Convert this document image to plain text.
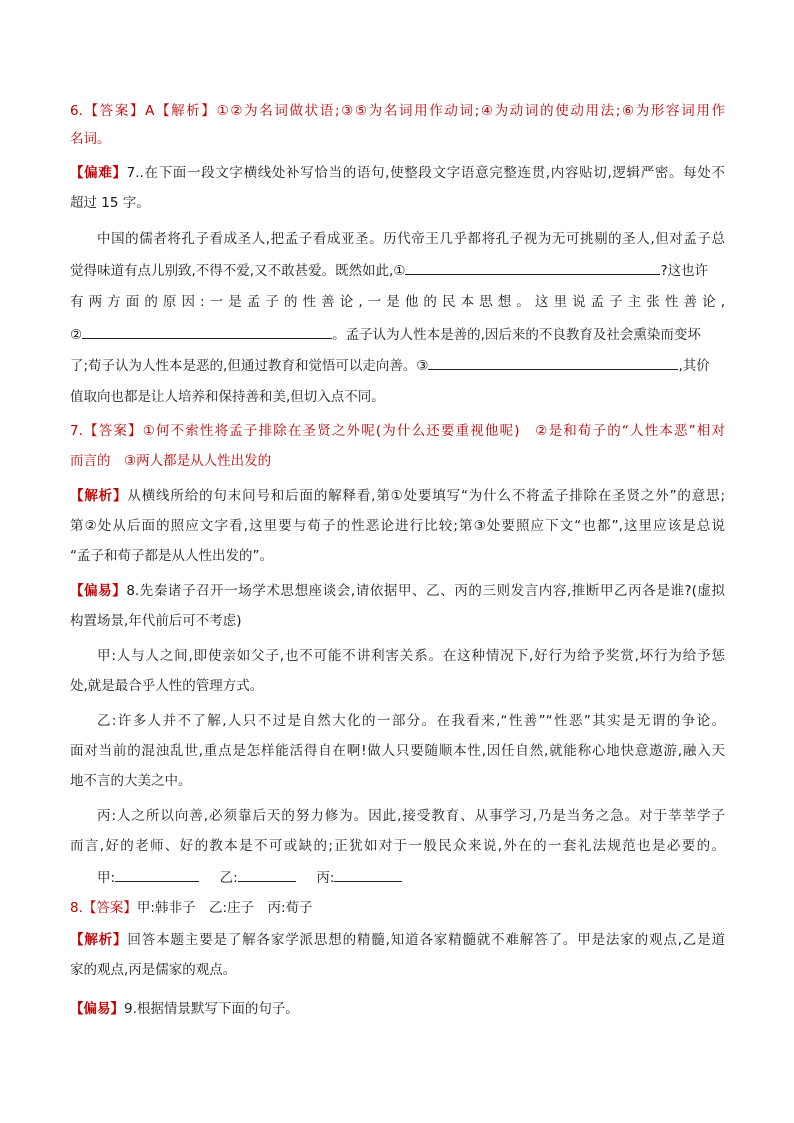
6.【答案】A【解析】①②为名词做状语;③⑤为名词用作动词;④为动词的使动用法;⑥为形容词用作
名词。
【偏难】7..在下面一段文字横线处补写恰当的语句,使整段文字语意完整连贯,内容贴切,逻辑严密。每处不
超过 15 字。
中国的儒者将孔子看成圣人,把孟子看成亚圣。历代帝王几乎都将孔子视为无可挑剔的圣人,但对孟子总
觉得味道有点儿别致,不得不爱,又不敢甚爱。既然如此,①	?这也许
有两方面的原因:一是孟子的性善论,一是他的民本思想。这里说孟子主张性善论,
②	。孟子认为人性本是善的,因后来的不良教育及社会熏染而变坏
了;荀子认为人性本是恶的,但通过教育和觉悟可以走向善。③	,其价
值取向也都是让人培养和保持善和美,但切入点不同。
7.【答案】①何不索性将孟子排除在圣贤之外呢(为什么还要重视他呢)　②是和荀子的“人性本恶”相对
而言的　③两人都是从人性出发的
【解析】从横线所给的句末问号和后面的解释看,第①处要填写“为什么不将孟子排除在圣贤之外”的意思;
第②处从后面的照应文字看,这里要与荀子的性恶论进行比较;第③处要照应下文“也都”,这里应该是总说
“孟子和荀子都是从人性出发的”。
【偏易】8.先秦诸子召开一场学术思想座谈会,请依据甲、乙、丙的三则发言内容,推断甲乙丙各是谁?(虚拟
构置场景,年代前后可不考虑)
甲:人与人之间,即使亲如父子,也不可能不讲利害关系。在这种情况下,好行为给予奖赏,坏行为给予惩
处,就是最合乎人性的管理方式。
乙:许多人并不了解,人只不过是自然大化的一部分。在我看来,“性善”“性恶”其实是无谓的争论。
面对当前的混浊乱世,重点是怎样能活得自在啊!做人只要随顺本性,因任自然,就能称心地快意遨游,融入天
地不言的大美之中。
丙:人之所以向善,必须靠后天的努力修为。因此,接受教育、从事学习,乃是当务之急。对于莘莘学子
而言,好的老师、好的教本是不可或缺的;正犹如对于一般民众来说,外在的一套礼法规范也是必要的。
甲:	乙:	丙:
8.【答案】甲:韩非子　乙:庄子　丙:荀子
【解析】回答本题主要是了解各家学派思想的精髓,知道各家精髓就不难解答了。甲是法家的观点,乙是道
家的观点,丙是儒家的观点。
【偏易】9.根据情景默写下面的句子。
